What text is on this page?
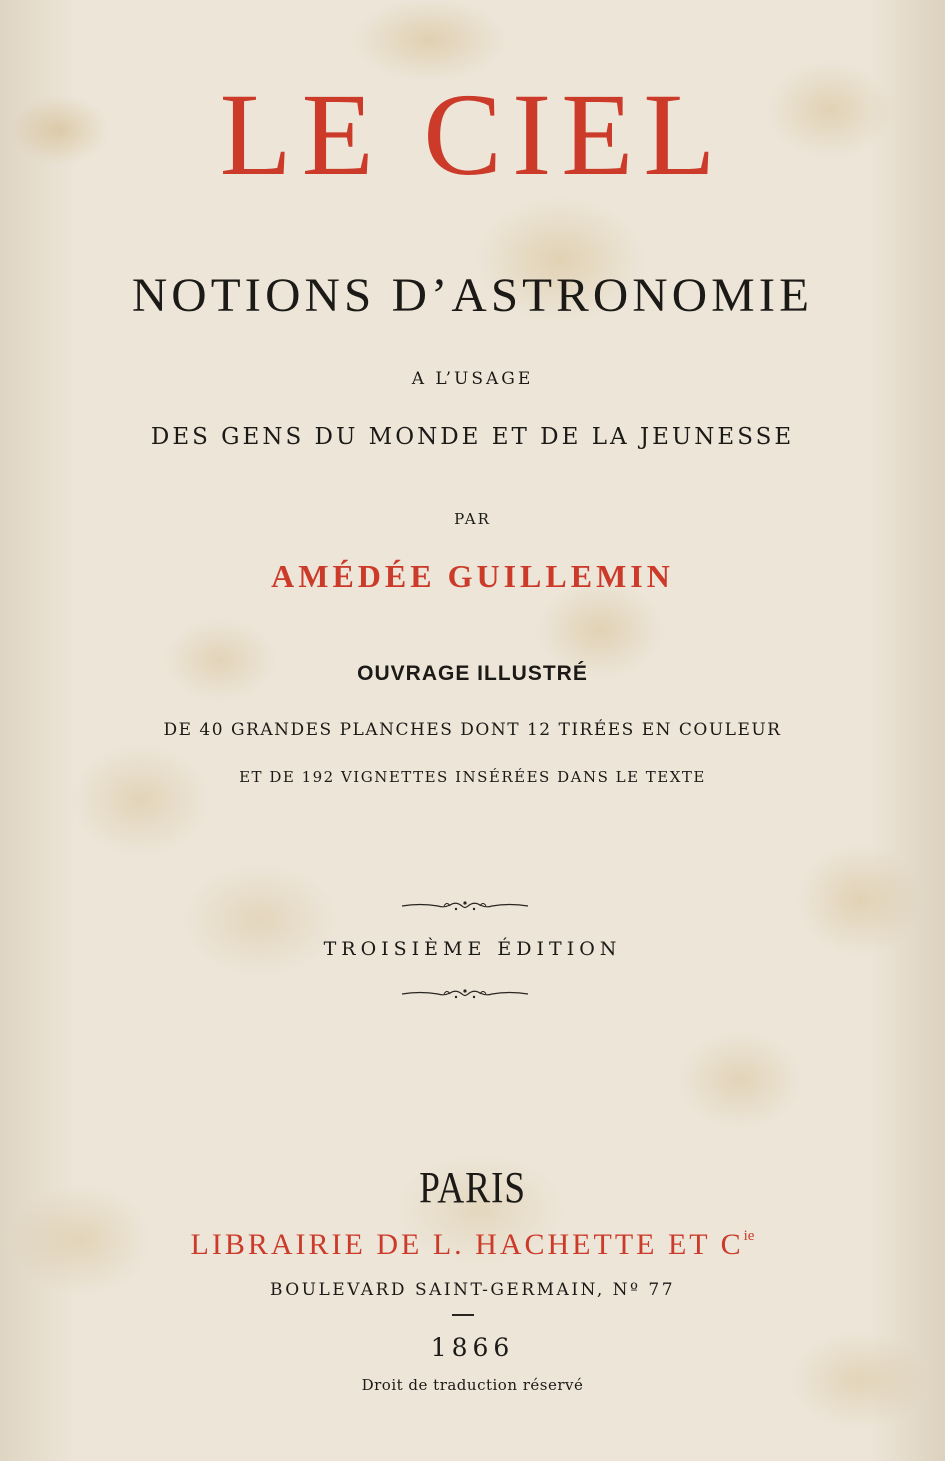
LE CIEL
NOTIONS D’ASTRONOMIE
A L’USAGE
DES GENS DU MONDE ET DE LA JEUNESSE
PAR
AMÉDÉE GUILLEMIN
OUVRAGE ILLUSTRÉ
DE 40 GRANDES PLANCHES DONT 12 TIRÉES EN COULEUR
ET DE 192 VIGNETTES INSÉRÉES DANS LE TEXTE
TROISIÈME ÉDITION
PARIS
LIBRAIRIE DE L. HACHETTE ET $C^{ie}$
BOULEVARD SAINT-GERMAIN, Nº 77
1866
Droit de traduction réservé
